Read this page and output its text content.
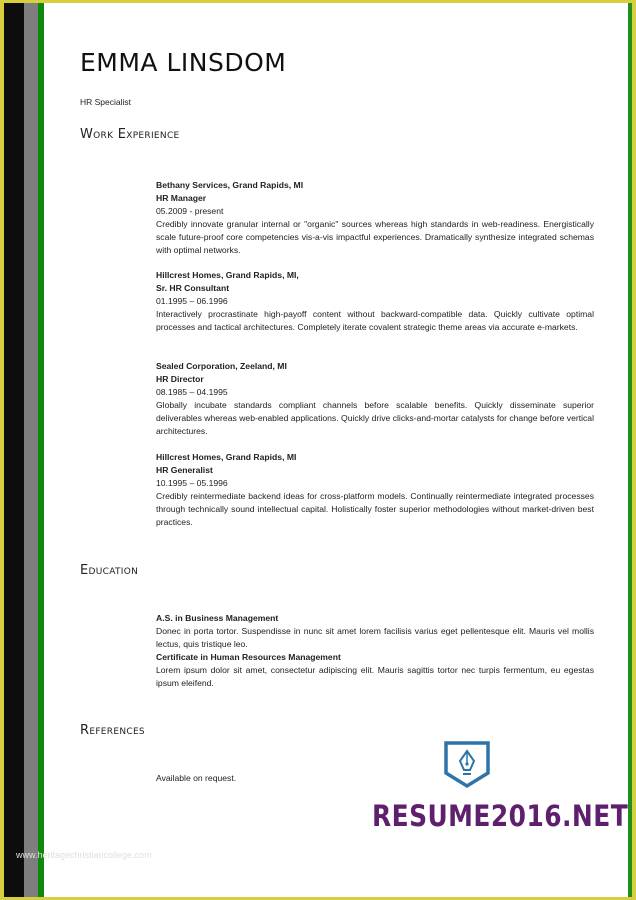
EMMA LINSDOM
HR Specialist
Work Experience
Bethany Services, Grand Rapids, MI
HR Manager
05.2009 - present
Credibly innovate granular internal or "organic" sources whereas high standards in web-readiness. Energistically scale future-proof core competencies vis-a-vis impactful experiences. Dramatically synthesize integrated schemas with optimal networks.
Hillcrest Homes, Grand Rapids, MI,
Sr. HR Consultant
01.1995 – 06.1996
Interactively procrastinate high-payoff content without backward-compatible data. Quickly cultivate optimal processes and tactical architectures. Completely iterate covalent strategic theme areas via accurate e-markets.
Sealed Corporation, Zeeland, MI
HR Director
08.1985 – 04.1995
Globally incubate standards compliant channels before scalable benefits. Quickly disseminate superior deliverables whereas web-enabled applications. Quickly drive clicks-and-mortar catalysts for change before vertical architectures.
Hillcrest Homes, Grand Rapids, MI
HR Generalist
10.1995 – 05.1996
Credibly reintermediate backend ideas for cross-platform models. Continually reintermediate integrated processes through technically sound intellectual capital. Holistically foster superior methodologies without market-driven best practices.
Education
A.S. in Business Management
Donec in porta tortor. Suspendisse in nunc sit amet lorem facilisis varius eget pellentesque elit. Mauris vel mollis lectus, quis tristique leo.
Certificate in Human Resources Management
Lorem ipsum dolor sit amet, consectetur adipiscing elit. Mauris sagittis tortor nec turpis fermentum, eu egestas ipsum eleifend.
References
Available on request.
RESUME2016.NET
www.heritagechristiancollege.com
